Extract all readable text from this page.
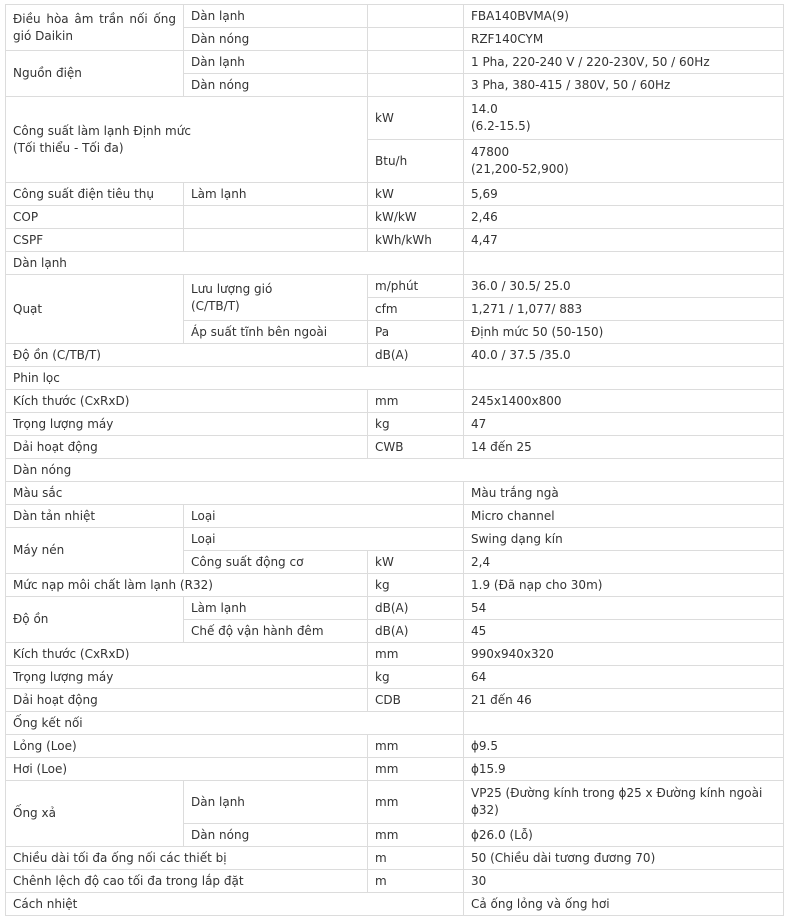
Điều hòa âm trần nối ống gió Daikin	Dàn lạnh		FBA140BVMA(9)
	Dàn nóng		RZF140CYM
Nguồn điện	Dàn lạnh		1 Pha, 220-240 V / 220-230V, 50 / 60Hz
	Dàn nóng		3 Pha, 380-415 / 380V, 50 / 60Hz

Công suất làm lạnh Định mức (Tối thiểu - Tối đa)		kW	14.0
(6.2-15.5)

		Btu/h	47800
(21,200-52,900)

Công suất điện tiêu thụ	Làm lạnh	kW	5,69
COP		kW/kW	2,46
CSPF		kWh/kWh	4,47
Dàn lạnh			
Quạt	Lưu lượng gió (C/TB/T)	m/phút	36.0 / 30.5/ 25.0
		cfm	1,271 / 1,077/ 883
	Áp suất tĩnh bên ngoài	Pa	Định mức 50 (50-150)
Độ ồn (C/TB/T)		dB(A)	40.0 / 37.5 /35.0
Phin lọc			
Kích thước (CxRxD)		mm	245x1400x800
Trọng lượng máy		kg	47
Dải hoạt động		CWB	14 đến 25
Dàn nóng			
Màu sắc			Màu trắng ngà
Dàn tản nhiệt	Loại		Micro channel
Máy nén	Loại		Swing dạng kín
	Công suất động cơ	kW	2,4
Mức nạp môi chất làm lạnh (R32)		kg	1.9 (Đã nạp cho 30m)
Độ ồn	Làm lạnh	dB(A)	54
	Chế độ vận hành đêm	dB(A)	45
Kích thước (CxRxD)		mm	990x940x320
Trọng lượng máy		kg	64
Dải hoạt động		CDB	21 đến 46
Ống kết nối			
Lỏng (Loe)		mm	ϕ9.5
Hơi (Loe)		mm	ϕ15.9
Ống xả	Dàn lạnh	mm	VP25 (Đường kính trong ϕ25 x Đường kính ngoài ϕ32)
	Dàn nóng	mm	ϕ26.0 (Lỗ)
Chiều dài tối đa ống nối các thiết bị		m	50 (Chiều dài tương đương 70)
Chênh lệch độ cao tối đa trong lắp đặt		m	30
Cách nhiệt			Cả ống lỏng và ống hơi
